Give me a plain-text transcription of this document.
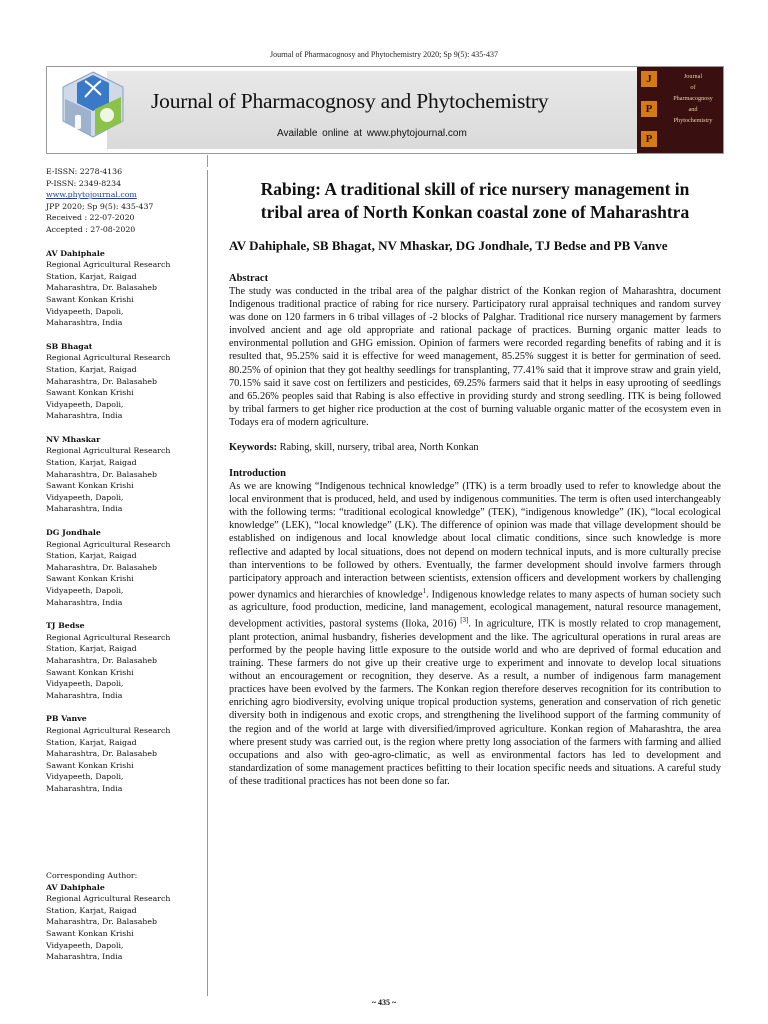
Journal of Pharmacognosy and Phytochemistry 2020; Sp 9(5): 435-437
Journal of Pharmacognosy and Phytochemistry
Available online at www.phytojournal.com
J
P
P
Journal
of
Pharmacognosy
and
Phytochemistry
E-ISSN: 2278-4136
P-ISSN: 2349-8234
www.phytojournal.com
JPP 2020; Sp 9(5): 435-437
Received : 22-07-2020
Accepted : 27-08-2020
AV Dahiphale
Regional Agricultural Research
Station, Karjat, Raigad
Maharashtra, Dr. Balasaheb
Sawant Konkan Krishi
Vidyapeeth, Dapoli,
Maharashtra, India
SB Bhagat
Regional Agricultural Research
Station, Karjat, Raigad
Maharashtra, Dr. Balasaheb
Sawant Konkan Krishi
Vidyapeeth, Dapoli,
Maharashtra, India
NV Mhaskar
Regional Agricultural Research
Station, Karjat, Raigad
Maharashtra, Dr. Balasaheb
Sawant Konkan Krishi
Vidyapeeth, Dapoli,
Maharashtra, India
DG Jondhale
Regional Agricultural Research
Station, Karjat, Raigad
Maharashtra, Dr. Balasaheb
Sawant Konkan Krishi
Vidyapeeth, Dapoli,
Maharashtra, India
TJ Bedse
Regional Agricultural Research
Station, Karjat, Raigad
Maharashtra, Dr. Balasaheb
Sawant Konkan Krishi
Vidyapeeth, Dapoli,
Maharashtra, India
PB Vanve
Regional Agricultural Research
Station, Karjat, Raigad
Maharashtra, Dr. Balasaheb
Sawant Konkan Krishi
Vidyapeeth, Dapoli,
Maharashtra, India
Corresponding Author:
AV Dahiphale
Regional Agricultural Research
Station, Karjat, Raigad
Maharashtra, Dr. Balasaheb
Sawant Konkan Krishi
Vidyapeeth, Dapoli,
Maharashtra, India
Rabing: A traditional skill of rice nursery management in tribal area of North Konkan coastal zone of Maharashtra
AV Dahiphale, SB Bhagat, NV Mhaskar, DG Jondhale, TJ Bedse and PB Vanve
Abstract

The study was conducted in the tribal area of the palghar district of the Konkan region of Maharashtra, document Indigenous traditional practice of rabing for rice nursery. Participatory rural appraisal techniques and random survey was done on 120 farmers in 6 tribal villages of -2 blocks of Palghar. Traditional rice nursery management by farmers involved ancient and age old appropriate and rational package of practices. Burning organic matter leads to environmental pollution and GHG emission. Opinion of farmers were recorded regarding benefits of rabing and it is resulted that, 95.25% said it is effective for weed management, 85.25% suggest it is better for germination of seed. 80.25% of opinion that they got healthy seedlings for transplanting, 77.41% said that it improve straw and grain yield, 70.15% said it save cost on fertilizers and pesticides, 69.25% farmers said that it helps in easy uprooting of seedlings and 65.26% peoples said that Rabing is also effective in providing sturdy and strong seedling. ITK is being followed by tribal farmers to get higher rice production at the cost of burning valuable organic matter of the ecosystem even in Todays era of modern agriculture.

Keywords: Rabing, skill, nursery, tribal area, North Konkan
Introduction

As we are knowing “Indigenous technical knowledge” (ITK) is a term broadly used to refer to knowledge about the local environment that is produced, held, and used by indigenous communities. The term is often used interchangeably with the following terms: “traditional ecological knowledge” (TEK), “indigenous knowledge” (IK), “local ecological knowledge” (LEK), “local knowledge” (LK). The difference of opinion was made that village development should be established on indigenous and local knowledge about local climatic conditions, since such knowledge is more reflective and adapted by local situations, does not depend on modern technical inputs, and is more culturally precise than interventions to be followed by others. Eventually, the farmer development should involve farmers through participatory approach and interaction between scientists, extension officers and development workers by challenging power dynamics and hierarchies of knowledge$^1$. Indigenous knowledge relates to many aspects of human society such as agriculture, food production, medicine, land management, ecological management, natural resource management, development activities, pastoral systems (Iloka, 2016) [3]. In agriculture, ITK is mostly related to crop management, plant protection, animal husbandry, fisheries development and the like. The agricultural operations in rural areas are performed by the people having little exposure to the outside world and who are deprived of formal education and training. These farmers do not give up their creative urge to experiment and innovate to develop local situations without an encouragement or recognition, they deserve. As a result, a number of indigenous farm management practices have been evolved by the farmers. The Konkan region therefore deserves recognition for its contribution to enriching agro biodiversity, evolving unique tropical production systems, generation and conservation of rich genetic diversity both in indigenous and exotic crops, and strengthening the livelihood support of the farming community of the region and of the world at large with diversified/improved agriculture. Konkan region of Maharashtra, the area where present study was carried out, is the region where pretty long association of the farmers with farming and allied occupations and also with geo-agro-climatic, as well as environmental factors has led to development and standardization of some management practices befitting to their location specific needs and situations. A careful study of these traditional practices has not been done so far.

~ 435 ~
